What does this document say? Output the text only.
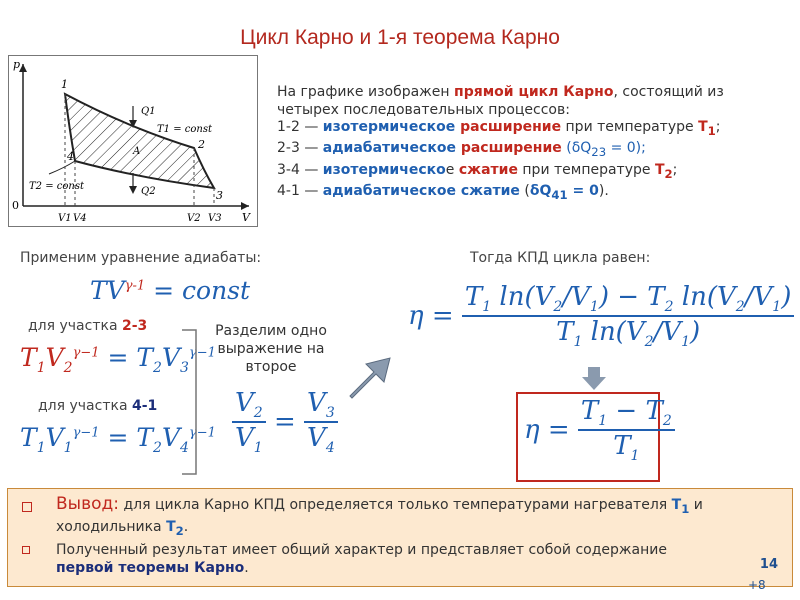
Цикл Карно и 1-я теорема Карно
p
V
0
1
2
3
4
Q1
Q2
T1 = const
T2 = const
A
V1 V4	V2 V3

На графике изображен прямой цикл Карно, состоящий из четырех последовательных процессов:

1-2 — изотермическое расширение при температуре $T_1$;

2-3 — адиабатическое расширение $(\delta Q_{23} = 0)$;

3-4 — изотермическое сжатие при температуре $T_2$;

4-1 — адиабатическое сжатие $(\delta Q_{41} = 0)$.

Применим уравнение адиабаты:	Тогда КПД цикла равен:
$TV^{\gamma-1}$ = const
для участка 2-3
$T_1V_2^{\gamma-1} = T_2V_3^{\gamma-1}$
для участка 4-1
$T_1V_1^{\gamma-1} = T_2V_4^{\gamma-1}$
Разделим одно выражение на второе
$\frac{V_2}{V_1} = \frac{V_3}{V_4}$
$\eta = \frac{T_1 \ln(V_2/V_1) - T_2 \ln(V_2/V_1)}{T_1 \ln(V_2/V_1)}$
$\eta = \frac{T_1 - T_2}{T_1}$
Вывод: для цикла Карно КПД определяется только температурами нагревателя $T_1$ и холодильника $T_2$.
Полученный результат имеет общий характер и представляет собой содержание первой теоремы Карно.	14
+8
